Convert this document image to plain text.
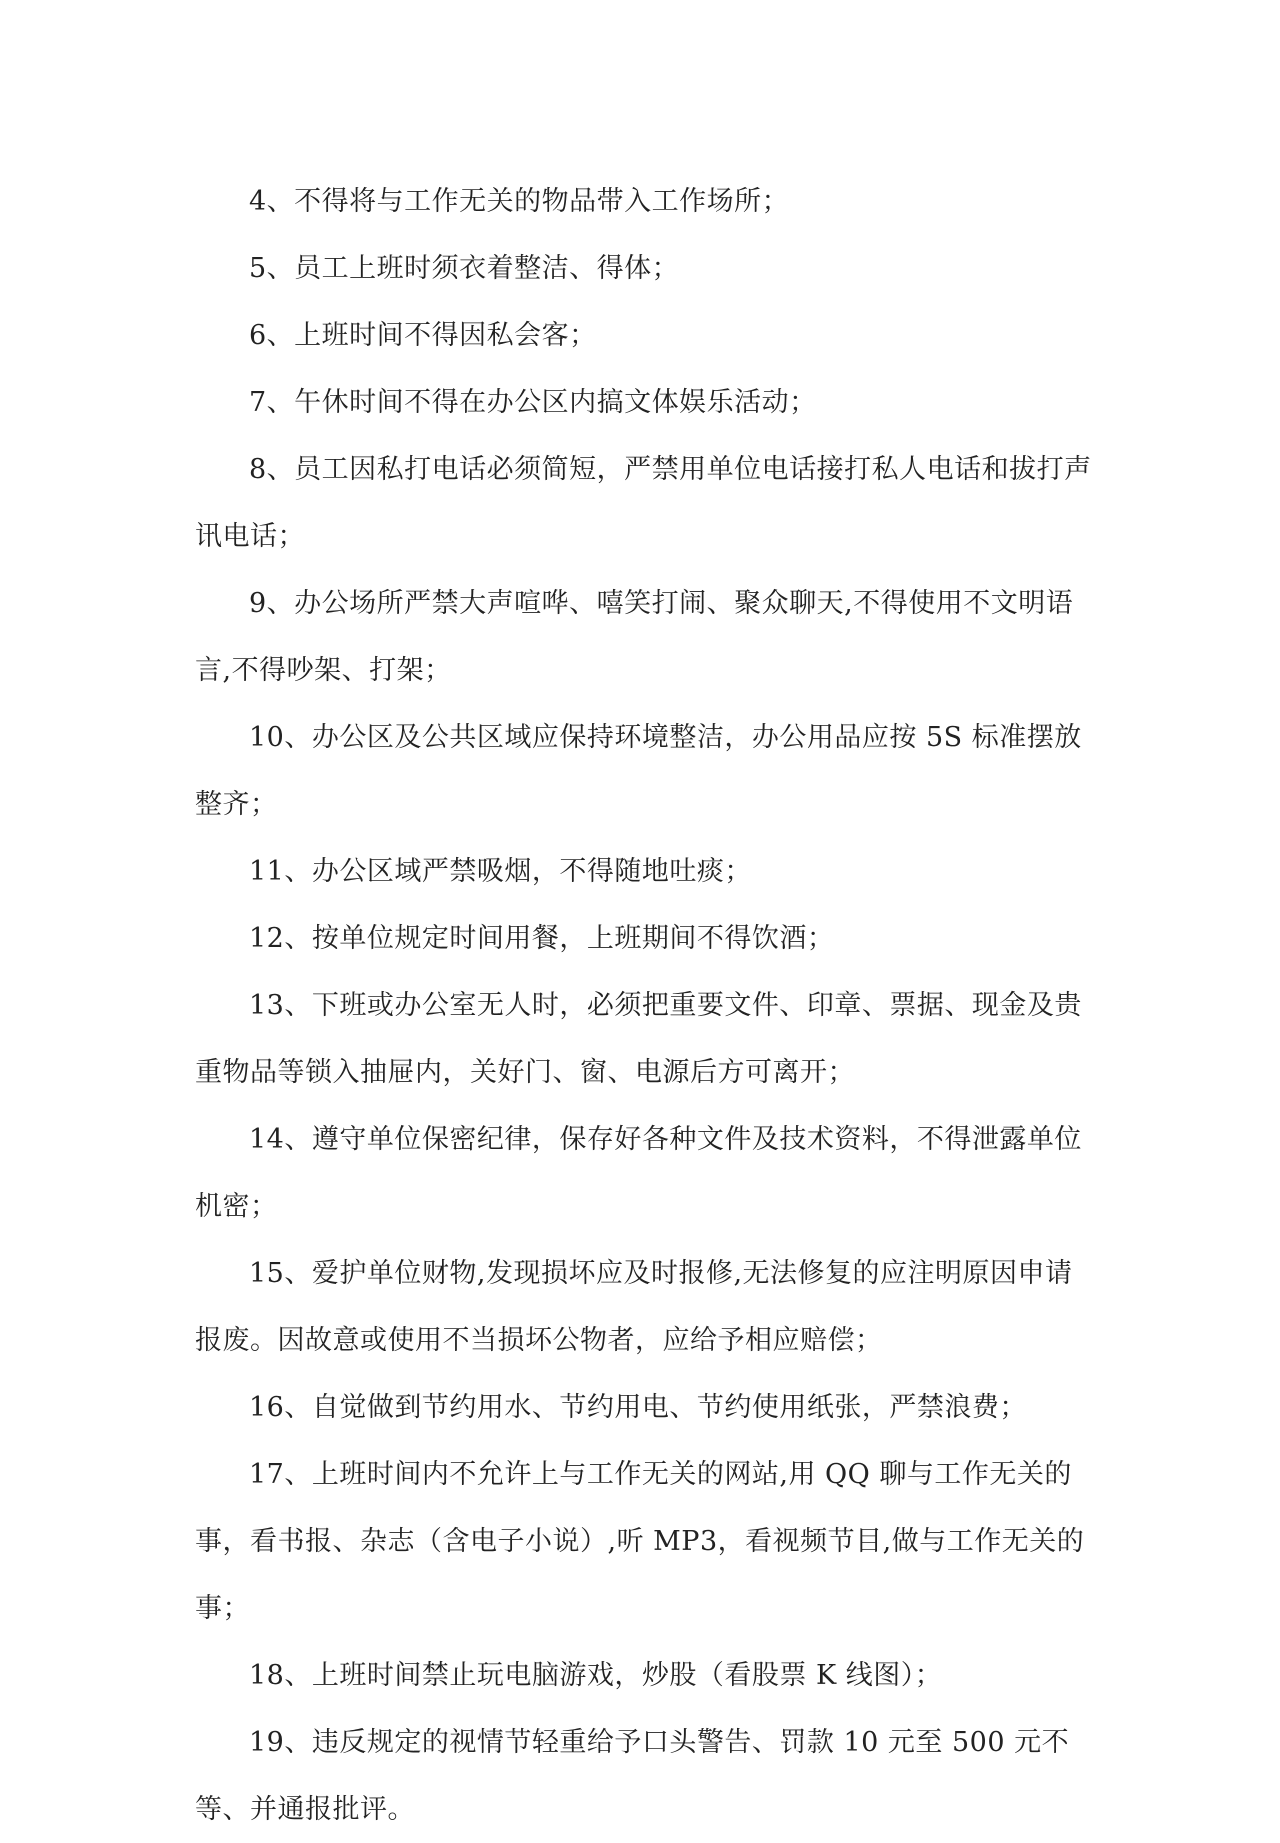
4、不得将与工作无关的物品带入工作场所；

5、员工上班时须衣着整洁、得体；

6、上班时间不得因私会客；

7、午休时间不得在办公区内搞文体娱乐活动；

8、员工因私打电话必须简短，严禁用单位电话接打私人电话和拔打声讯电话；

9、办公场所严禁大声喧哗、嘻笑打闹、聚众聊天,不得使用不文明语言,不得吵架、打架；

10、办公区及公共区域应保持环境整洁，办公用品应按 5S 标准摆放整齐；

11、办公区域严禁吸烟，不得随地吐痰；

12、按单位规定时间用餐，上班期间不得饮酒；

13、下班或办公室无人时，必须把重要文件、印章、票据、现金及贵重物品等锁入抽屉内，关好门、窗、电源后方可离开；

14、遵守单位保密纪律，保存好各种文件及技术资料，不得泄露单位机密；

15、爱护单位财物,发现损坏应及时报修,无法修复的应注明原因申请报废。因故意或使用不当损坏公物者，应给予相应赔偿；

16、自觉做到节约用水、节约用电、节约使用纸张，严禁浪费；

17、上班时间内不允许上与工作无关的网站,用 QQ 聊与工作无关的事，看书报、杂志（含电子小说）,听 MP3，看视频节目,做与工作无关的事；

18、上班时间禁止玩电脑游戏，炒股（看股票 K 线图）；

19、违反规定的视情节轻重给予口头警告、罚款 10 元至 500 元不等、并通报批评。
